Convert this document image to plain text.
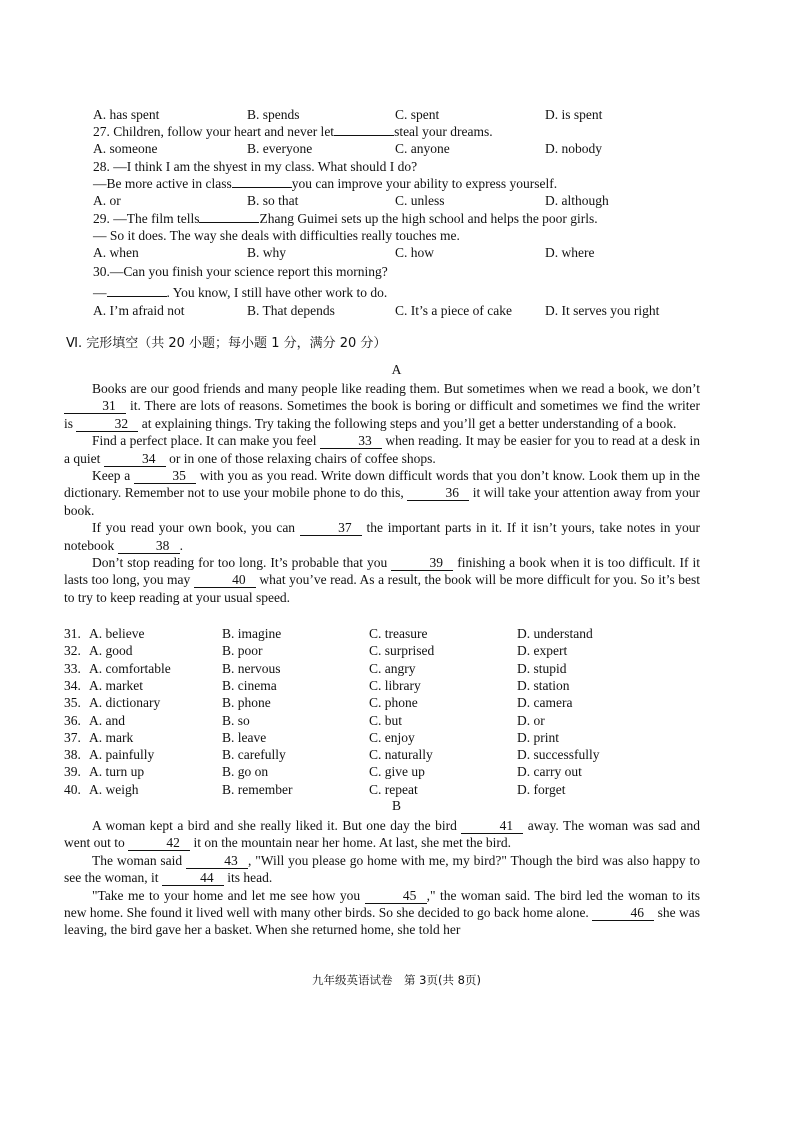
A. has spent	B. spends	C. spent	D. is spent
27. Children, follow your heart and never let	steal your dreams.
A. someone	B. everyone	C. anyone	D. nobody
28. —I think I am the shyest in my class. What should I do?
—Be more active in class	you can improve your ability to express yourself.
A. or	B. so that	C. unless	D. although
29. —The film tells	Zhang Guimei sets up the high school and helps the poor girls.
— So it does. The way she deals with difficulties really touches me.
A. when	B. why	C. how	D. where
30.—Can you finish your science report this morning?
—	. You know, I still have other work to do.
A. I’m afraid not	B. That depends	C. It’s a piece of cake D. It serves you right
Ⅵ. 完形填空（共 20 小题；每小题 1 分，满分 20 分）
A

Books are our good friends and many people like reading them. But sometimes when we read a book, we don’t 31 it. There are lots of reasons. Sometimes the book is boring or difficult and sometimes we find the writer is	32 at explaining things. Try taking the following steps and you’ll get a better understanding of a book.

Find a perfect place. It can make you feel	33 when reading. It may be easier for you to read at a desk in a quiet	34 or in one of those relaxing chairs of coffee shops.

Keep a	35 with you as you read. Write down difficult words that you don’t know. Look them up in the dictionary. Remember not to use your mobile phone to do this,	36 it will take your attention away from your book.

If you read your own book, you can	37 the important parts in it. If it isn’t yours, take notes in your notebook	38 .

Don’t stop reading for too long. It’s probable that you	39 finishing a book when it is too difficult. If it lasts too long, you may	40 what you’ve read. As a result, the book will be more difficult for you. So it’s best to try to keep reading at your usual speed.

31. A. believe	B. imagine	C. treasure	D. understand
32. A. good	B. poor	C. surprised	D. expert
33. A. comfortable	B. nervous	C. angry	D. stupid
34. A. market	B. cinema	C. library	D. station
35. A. dictionary	B. phone	C. phone	D. camera
36. A. and	B. so	C. but	D. or
37. A. mark	B. leave	C. enjoy	D. print
38. A. painfully	B. carefully	C. naturally	D. successfully
39. A. turn up	B. go on	C. give up	D. carry out
40. A. weigh	B. remember	C. repeat	D. forget
B

A woman kept a bird and she really liked it. But one day the bird	41 away. The woman was sad and went out to	42 it on the mountain near her home. At last, she met the bird.

The woman said	43 , "Will you please go home with me, my bird?" Though the bird was also happy to see the woman, it	44 its head.

"Take me to your home and let me see how you	45 ," the woman said. The bird led the woman to its new home. She found it lived well with many other birds. So she decided to go back home alone.	46 she was leaving, the bird gave her a basket. When she returned home, she told her

九年级英语试卷　第 3页(共 8页)
